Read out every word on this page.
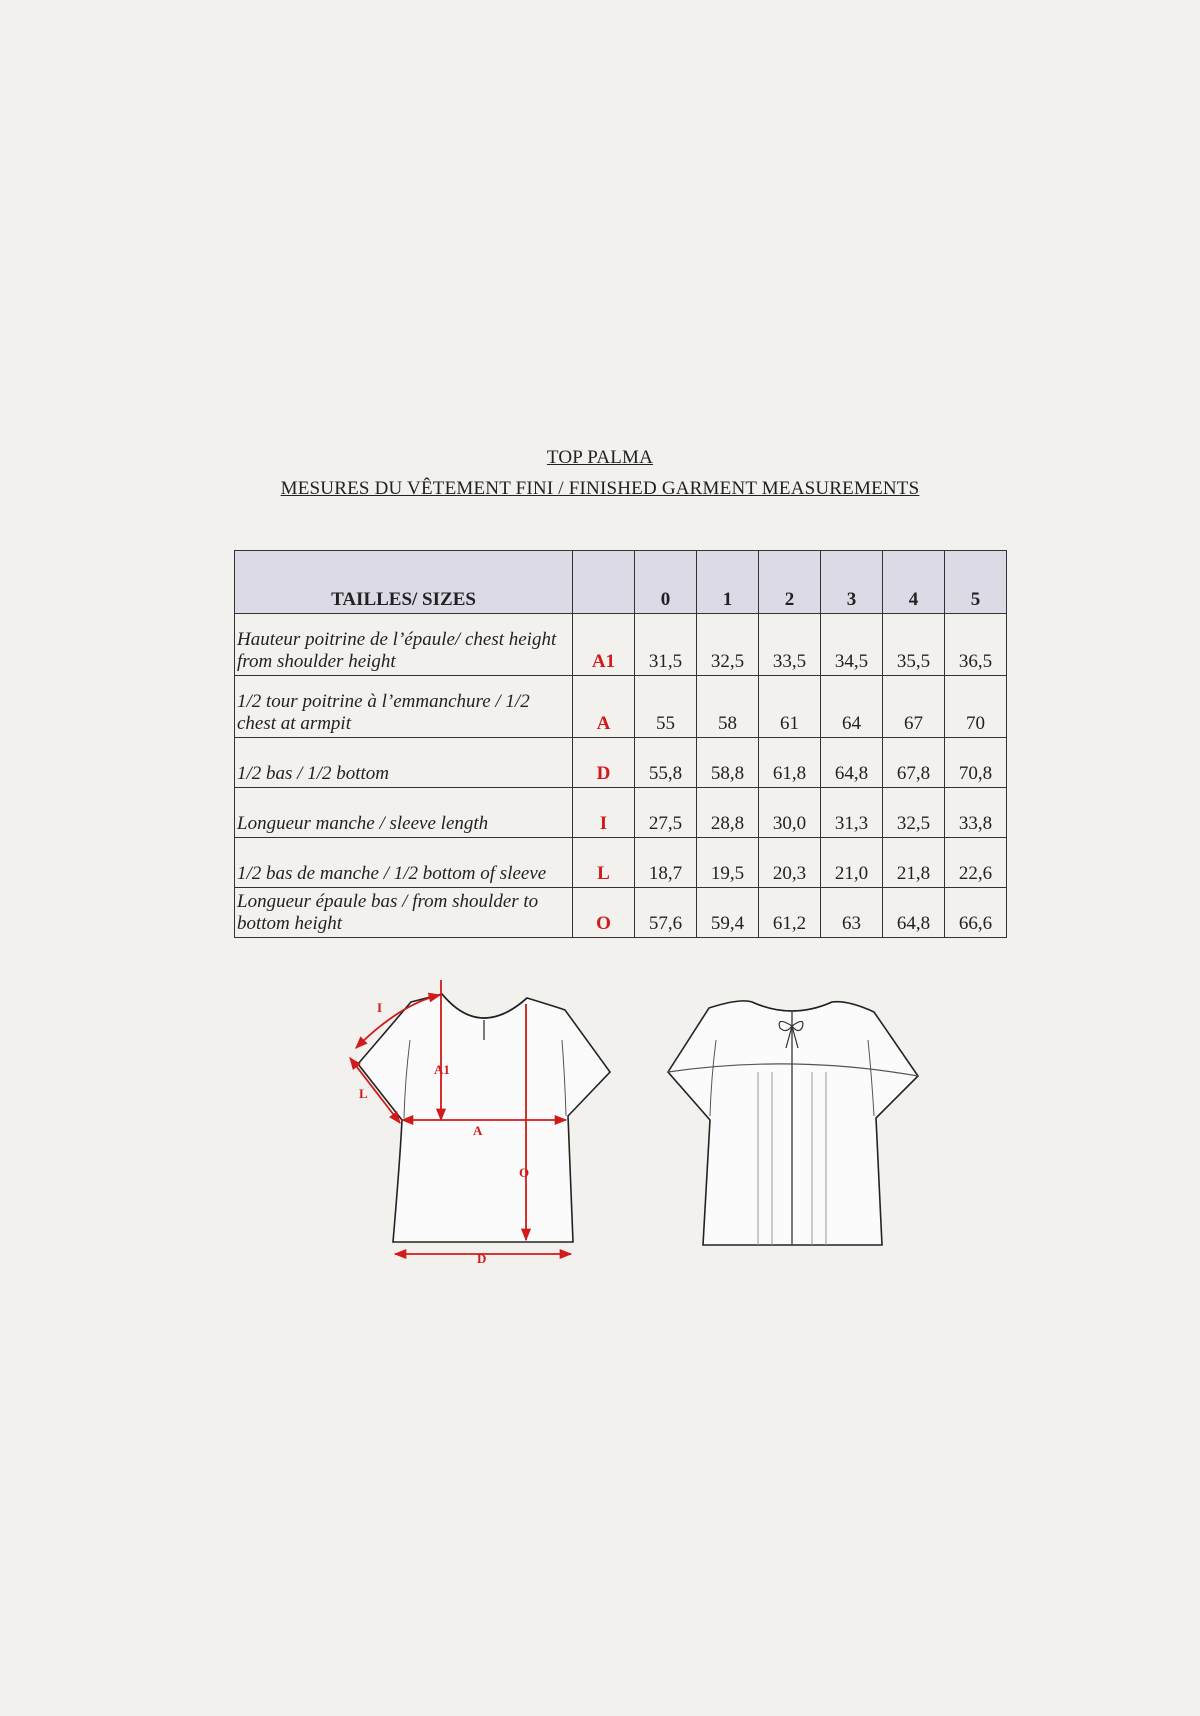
TOP PALMA
MESURES DU VÊTEMENT FINI / FINISHED GARMENT MEASUREMENTS
TAILLES/ SIZES		0	1	2	3	4	5
Hauteur poitrine de l’épaule/ chest height from shoulder height	A1	31,5	32,5	33,5	34,5	35,5	36,5
1/2 tour poitrine à l’emmanchure / 1/2 chest at armpit	A	55	58	61	64	67	70
1/2 bas / 1/2 bottom	D	55,8	58,8	61,8	64,8	67,8	70,8
Longueur manche / sleeve length	I	27,5	28,8	30,0	31,3	32,5	33,8
1/2 bas de manche / 1/2 bottom of sleeve	L	18,7	19,5	20,3	21,0	21,8	22,6
Longueur épaule bas / from shoulder to bottom height	O	57,6	59,4	61,2	63	64,8	66,6
I
A1
L
A
O
D
